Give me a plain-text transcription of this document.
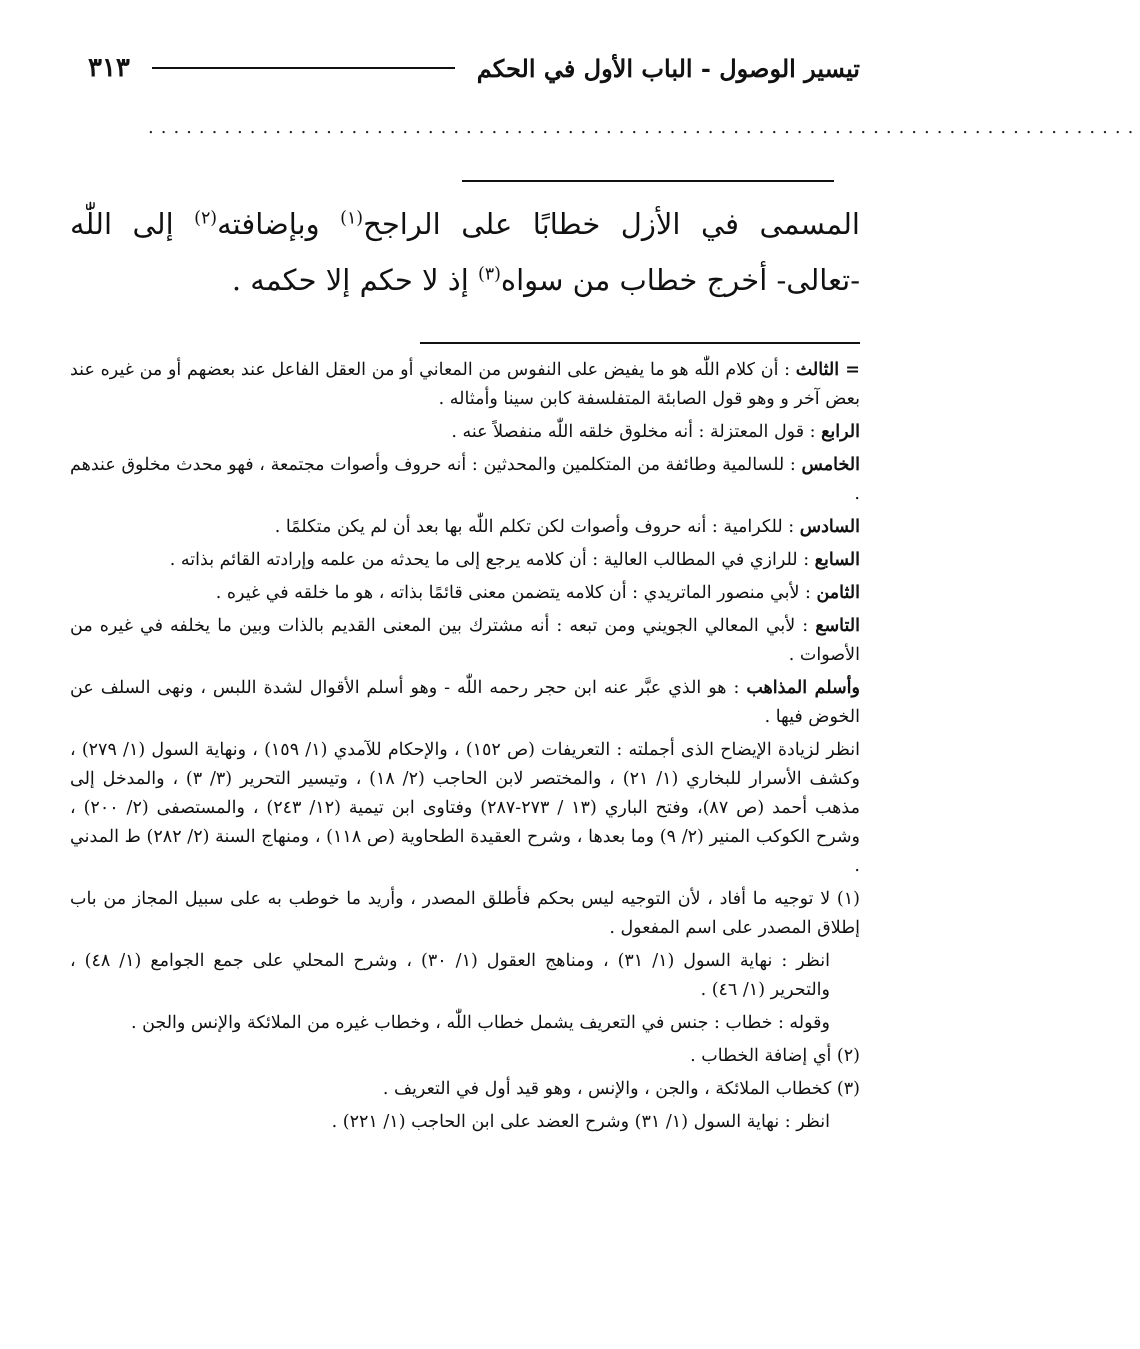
تيسير الوصول - الباب الأول في الحكم
٣١٣
..............................................................................
المسمى في الأزل خطابًا على الراجح$^{(١)}$ وبإضافته$^{(٢)}$ إلى اللّٰه -تعالى- أخرج خطاب من سواه$^{(٣)}$ إذ لا حكم إلا حكمه .

= الثالث : أن كلام اللّٰه هو ما يفيض على النفوس من المعاني أو من العقل الفاعل عند بعضهم أو من غيره عند بعض آخر و وهو قول الصابئة المتفلسفة كابن سينا وأمثاله .

الرابع : قول المعتزلة : أنه مخلوق خلقه اللّٰه منفصلاً عنه .

الخامس : للسالمية وطائفة من المتكلمين والمحدثين : أنه حروف وأصوات مجتمعة ، فهو محدث مخلوق عندهم .

السادس : للكرامية : أنه حروف وأصوات لكن تكلم اللّٰه بها بعد أن لم يكن متكلمًا .

السابع : للرازي في المطالب العالية : أن كلامه يرجع إلى ما يحدثه من علمه وإرادته القائم بذاته .

الثامن : لأبي منصور الماتريدي : أن كلامه يتضمن معنى قائمًا بذاته ، هو ما خلقه في غيره .

التاسع : لأبي المعالي الجويني ومن تبعه : أنه مشترك بين المعنى القديم بالذات وبين ما يخلفه في غيره من الأصوات .

وأسلم المذاهب : هو الذي عبَّر عنه ابن حجر رحمه اللّٰه - وهو أسلم الأقوال لشدة اللبس ، ونهى السلف عن الخوض فيها .

انظر لزيادة الإيضاح الذى أجملته : التعريفات (ص ١٥٢) ، والإحكام للآمدي (١/ ١٥٩) ، ونهاية السول (١/ ٢٧٩) ، وكشف الأسرار للبخاري (١/ ٢١) ، والمختصر لابن الحاجب (٢/ ١٨) ، وتيسير التحرير (٣/ ٣) ، والمدخل إلى مذهب أحمد (ص ٨٧)، وفتح الباري (١٣ / ٢٧٣-٢٨٧) وفتاوى ابن تيمية (١٢/ ٢٤٣) ، والمستصفى (٢/ ٢٠٠) ، وشرح الكوكب المنير (٢/ ٩) وما بعدها ، وشرح العقيدة الطحاوية (ص ١١٨) ، ومنهاج السنة (٢/ ٢٨٢) ط المدني .

(١) لا توجيه ما أفاد ، لأن التوجيه ليس بحكم فأطلق المصدر ، وأريد ما خوطب به على سبيل المجاز من باب إطلاق المصدر على اسم المفعول .

انظر : نهاية السول (١/ ٣١) ، ومناهج العقول (١/ ٣٠) ، وشرح المحلي على جمع الجوامع (١/ ٤٨) ، والتحرير (١/ ٤٦) .

وقوله : خطاب : جنس في التعريف يشمل خطاب اللّٰه ، وخطاب غيره من الملائكة والإنس والجن .

(٢) أي إضافة الخطاب .

(٣) كخطاب الملائكة ، والجن ، والإنس ، وهو قيد أول في التعريف .

انظر : نهاية السول (١/ ٣١) وشرح العضد على ابن الحاجب (١/ ٢٢١) .
